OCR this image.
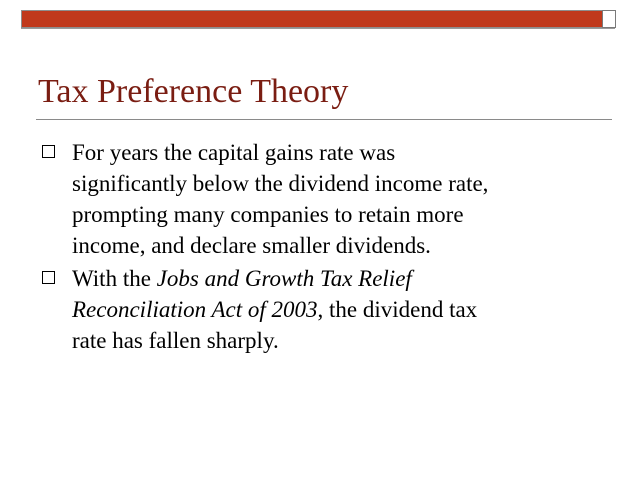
Tax Preference Theory
For years the capital gains rate was
significantly below the dividend income rate,
prompting many companies to retain more
income, and declare smaller dividends.
With the Jobs and Growth Tax Relief
Reconciliation Act of 2003, the dividend tax
rate has fallen sharply.
